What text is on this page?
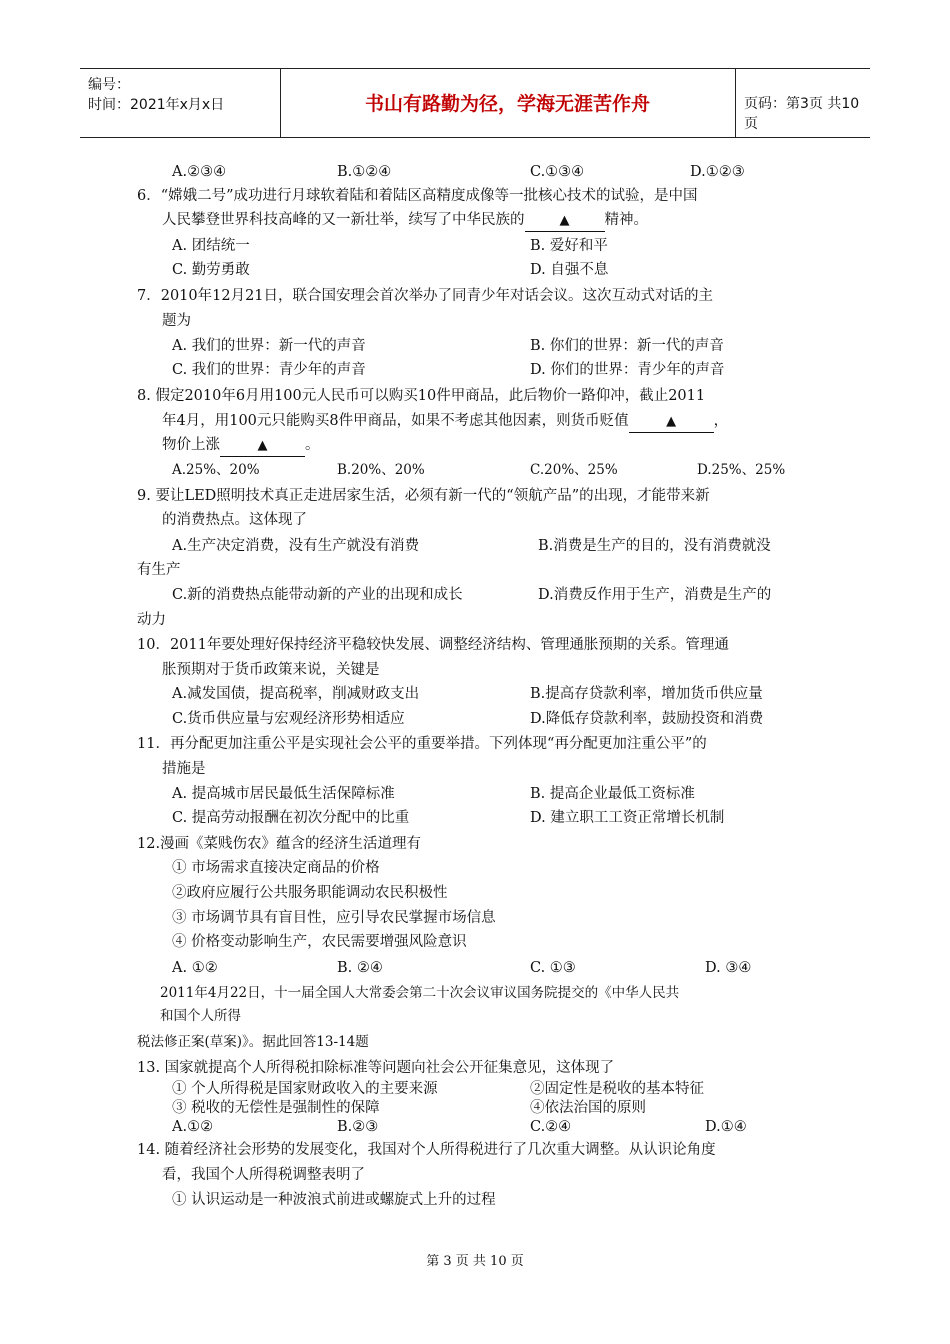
编号：
时间：2021年x月x日	书山有路勤为径，学海无涯苦作舟	页码：第3页 共10页
A.②③④	B.①②④	C.①③④	D.①②③
6．“嫦娥二号”成功进行月球软着陆和着陆区高精度成像等一批核心技术的试验，是中国
人民攀登世界科技高峰的又一新壮举，续写了中华民族的	▲ 精神。
A. 团结统一	B. 爱好和平
C. 勤劳勇敢	D. 自强不息
7．2010年12月21日，联合国安理会首次举办了同青少年对话会议。这次互动式对话的主
题为
A. 我们的世界：新一代的声音	B. 你们的世界：新一代的声音
C. 我们的世界：青少年的声音	D. 你们的世界：青少年的声音
8. 假定2010年6月用100元人民币可以购买10件甲商品，此后物价一路仰冲，截止2011
年4月，用100元只能购买8件甲商品，如果不考虑其他因素，则货币贬值	▲	，
物价上涨	▲	。
A.25%、20%	B.20%、20%	C.20%、25%	D.25%、25%
9. 要让LED照明技术真正走进居家生活，必须有新一代的“领航产品”的出现，才能带来新
的消费热点。这体现了
A.生产决定消费，没有生产就没有消费	B.消费是生产的目的，没有消费就没
有生产
C.新的消费热点能带动新的产业的出现和成长	D.消费反作用于生产，消费是生产的
动力
10．2011年要处理好保持经济平稳较快发展、调整经济结构、管理通胀预期的关系。管理通
胀预期对于货币政策来说，关键是
A.减发国债，提高税率，削减财政支出	B.提高存贷款利率，增加货币供应量
C.货币供应量与宏观经济形势相适应	D.降低存贷款利率，鼓励投资和消费
11．再分配更加注重公平是实现社会公平的重要举措。下列体现“再分配更加注重公平”的
措施是
A. 提高城市居民最低生活保障标准	B. 提高企业最低工资标准
C. 提高劳动报酬在初次分配中的比重	D. 建立职工工资正常增长机制
12.漫画《菜贱伤农》蕴含的经济生活道理有
① 市场需求直接决定商品的价格
②政府应履行公共服务职能调动农民积极性
③ 市场调节具有盲目性，应引导农民掌握市场信息
④ 价格变动影响生产，农民需要增强风险意识
A. ①②	B. ②④	C. ①③	D. ③④
2011年4月22日，十一届全国人大常委会第二十次会议审议国务院提交的《中华人民共
和国个人所得
税法修正案(草案)》。据此回答13-14题
13. 国家就提高个人所得税扣除标准等问题向社会公开征集意见，这体现了
① 个人所得税是国家财政收入的主要来源	②固定性是税收的基本特征
③ 税收的无偿性是强制性的保障	④依法治国的原则
A.①②	B.②③	C.②④	D.①④
14. 随着经济社会形势的发展变化，我国对个人所得税进行了几次重大调整。从认识论角度
看，我国个人所得税调整表明了
① 认识运动是一种波浪式前进或螺旋式上升的过程
第 3 页 共 10 页
